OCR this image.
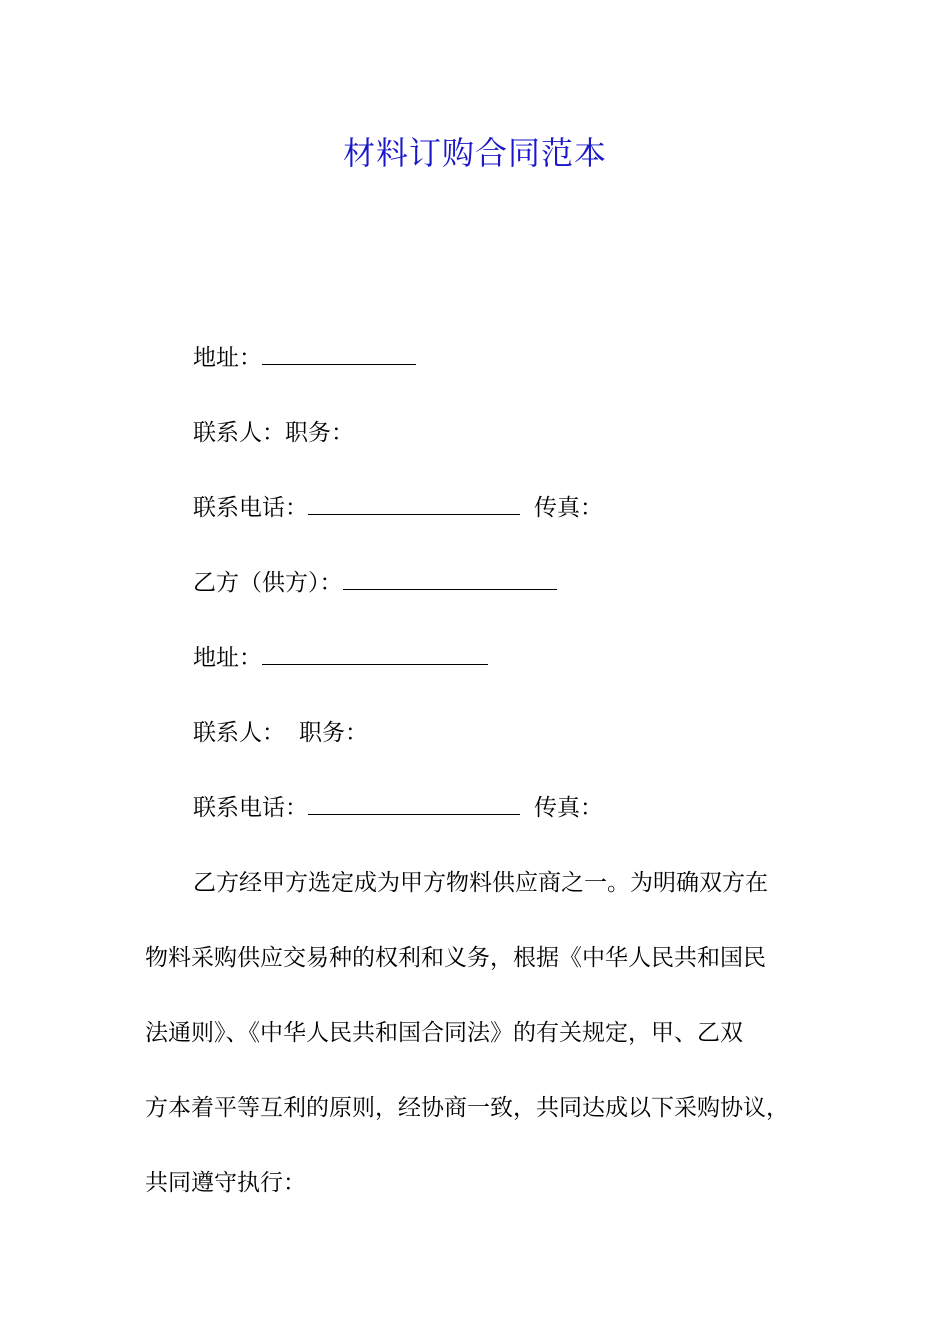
材料订购合同范本
地址：
联系人：职务：
联系电话：	传真：
乙方（供方）：
地址：
联系人： 职务：
联系电话：	传真：
乙方经甲方选定成为甲方物料供应商之一。为明确双方在
物料采购供应交易种的权利和义务，根据《中华人民共和国民
法通则》、《中华人民共和国合同法》的有关规定，甲、乙双
方本着平等互利的原则，经协商一致，共同达成以下采购协议，
共同遵守执行：
